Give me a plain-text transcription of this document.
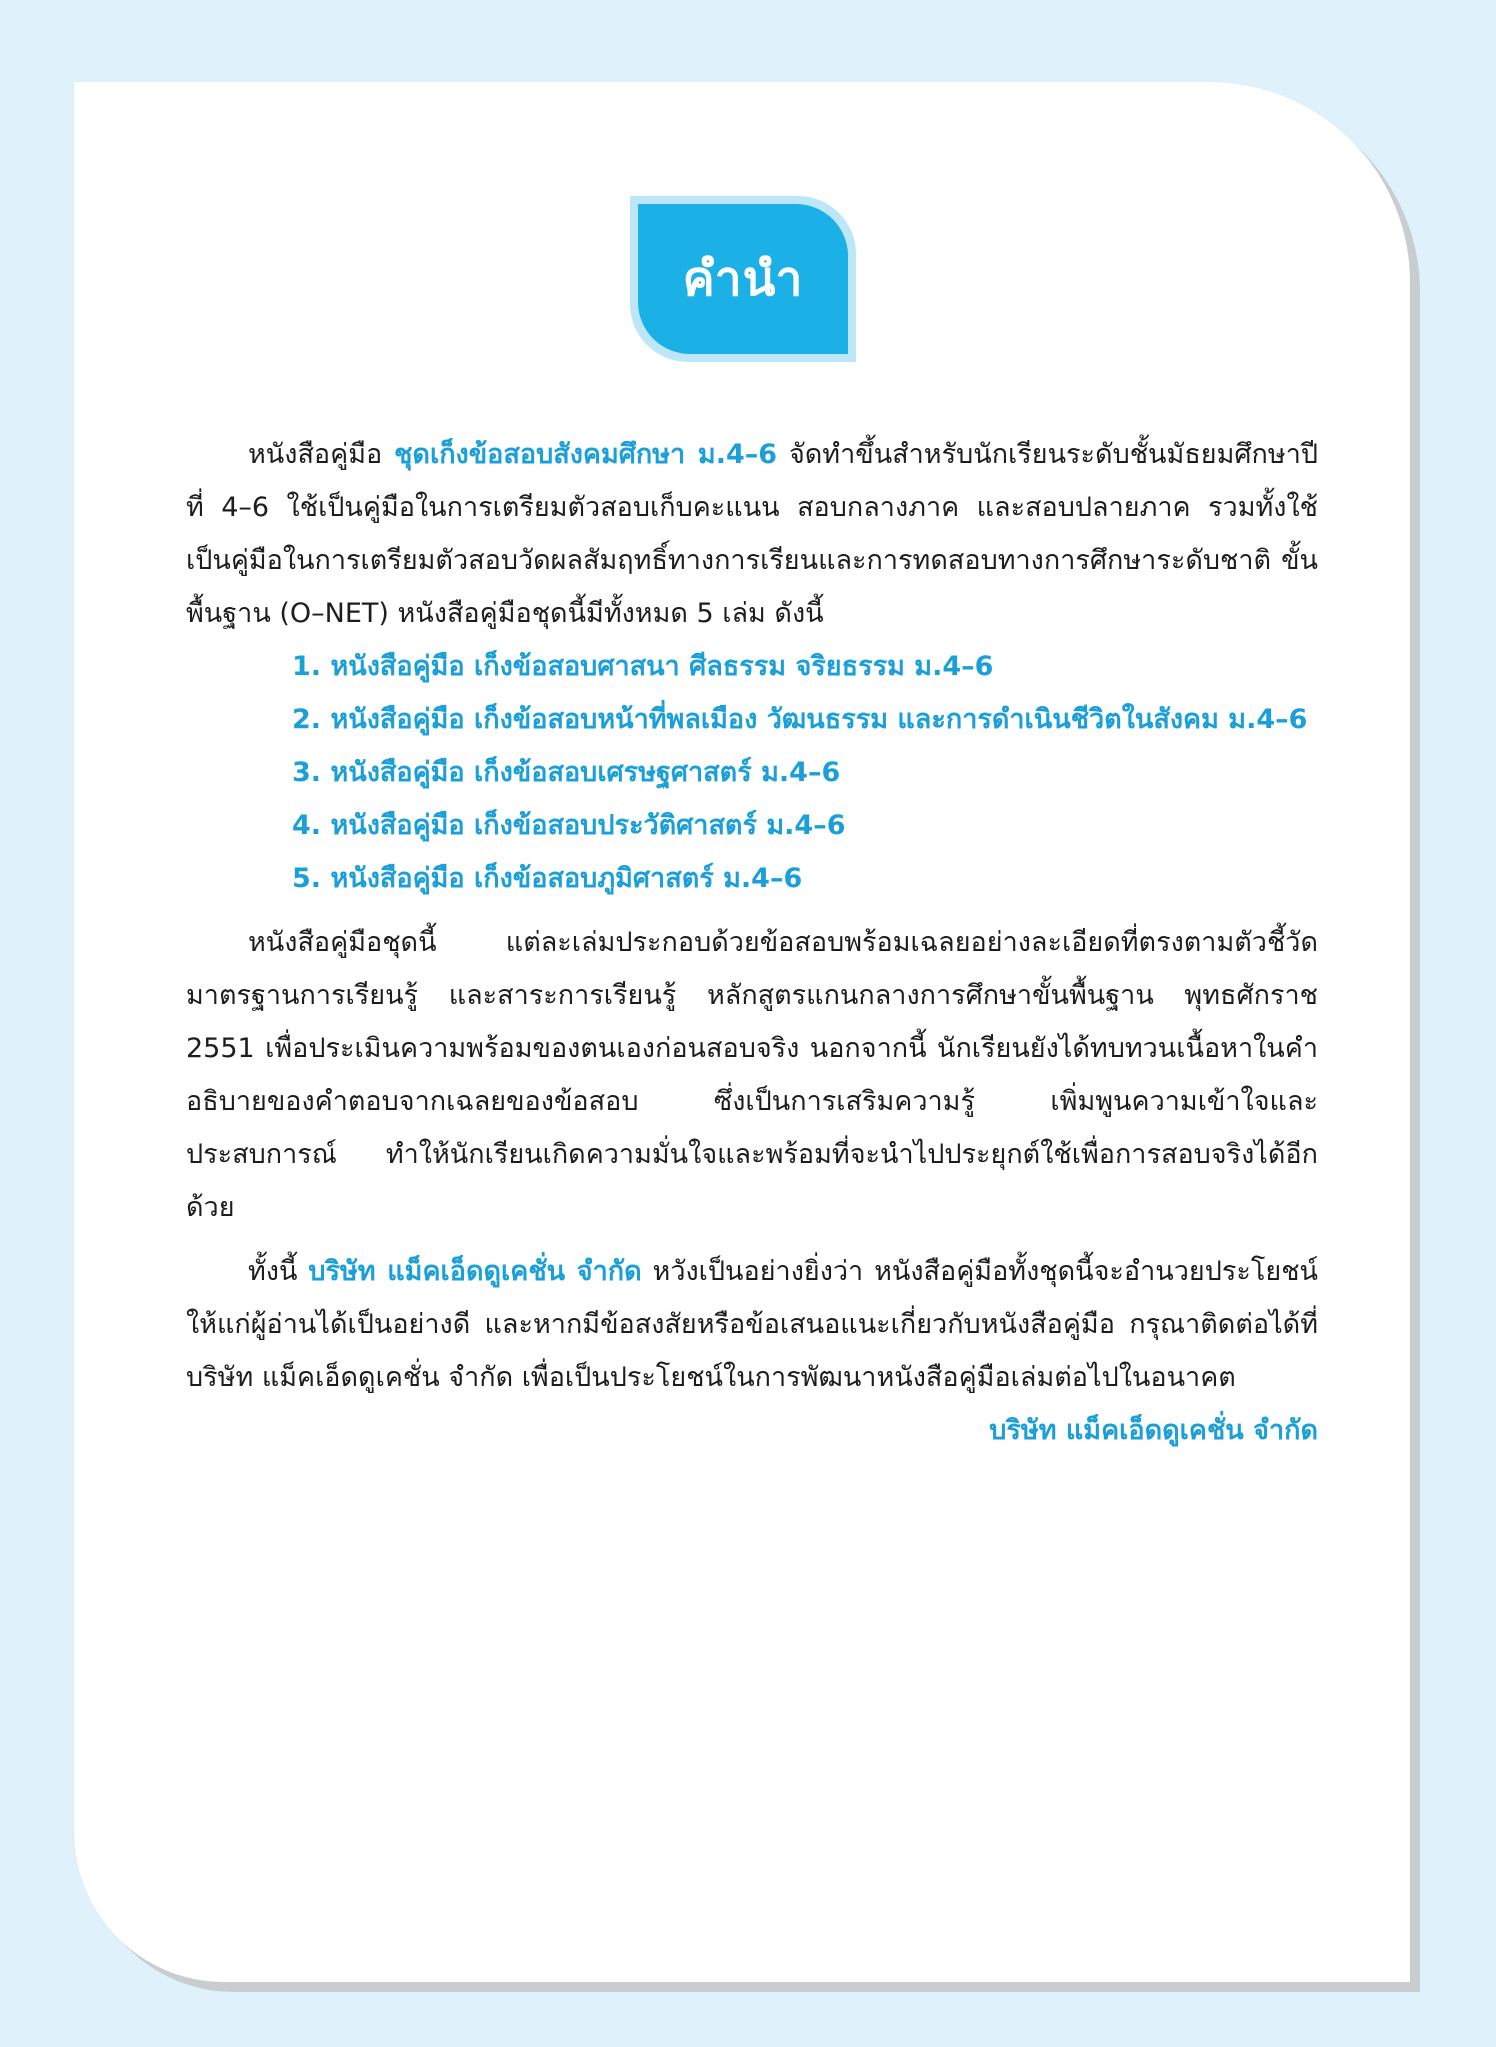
คำนำ

หนังสือคู่มือ ชุดเก็งข้อสอบสังคมศึกษา ม.4–6 จัดทำขึ้นสำหรับนักเรียนระดับชั้นมัธยมศึกษาปีที่ 4–6 ใช้เป็นคู่มือในการเตรียมตัวสอบเก็บคะแนน สอบกลางภาค และสอบปลายภาค รวมทั้งใช้เป็นคู่มือในการเตรียมตัวสอบวัดผลสัมฤทธิ์ทางการเรียนและการทดสอบทางการศึกษาระดับชาติ ขั้นพื้นฐาน (O–NET) หนังสือคู่มือชุดนี้มีทั้งหมด 5 เล่ม ดังนี้

1. หนังสือคู่มือ เก็งข้อสอบศาสนา ศีลธรรม จริยธรรม ม.4–6
2. หนังสือคู่มือ เก็งข้อสอบหน้าที่พลเมือง วัฒนธรรม และการดำเนินชีวิตในสังคม ม.4–6
3. หนังสือคู่มือ เก็งข้อสอบเศรษฐศาสตร์ ม.4–6
4. หนังสือคู่มือ เก็งข้อสอบประวัติศาสตร์ ม.4–6
5. หนังสือคู่มือ เก็งข้อสอบภูมิศาสตร์ ม.4–6

หนังสือคู่มือชุดนี้ แต่ละเล่มประกอบด้วยข้อสอบพร้อมเฉลยอย่างละเอียดที่ตรงตามตัวชี้วัด มาตรฐานการเรียนรู้ และสาระการเรียนรู้ หลักสูตรแกนกลางการศึกษาขั้นพื้นฐาน พุทธศักราช 2551 เพื่อประเมินความพร้อมของตนเองก่อนสอบจริง นอกจากนี้ นักเรียนยังได้ทบทวนเนื้อหาในคำอธิบายของคำตอบจากเฉลยของข้อสอบ ซึ่งเป็นการเสริมความรู้ เพิ่มพูนความเข้าใจและประสบการณ์ ทำให้นักเรียนเกิดความมั่นใจและพร้อมที่จะนำไปประยุกต์ใช้เพื่อการสอบจริงได้อีกด้วย

ทั้งนี้ บริษัท แม็คเอ็ดดูเคชั่น จำกัด หวังเป็นอย่างยิ่งว่า หนังสือคู่มือทั้งชุดนี้จะอำนวยประโยชน์ให้แก่ผู้อ่านได้เป็นอย่างดี และหากมีข้อสงสัยหรือข้อเสนอแนะเกี่ยวกับหนังสือคู่มือ กรุณาติดต่อได้ที่ บริษัท แม็คเอ็ดดูเคชั่น จำกัด เพื่อเป็นประโยชน์ในการพัฒนาหนังสือคู่มือเล่มต่อไปในอนาคต

บริษัท แม็คเอ็ดดูเคชั่น จำกัด
